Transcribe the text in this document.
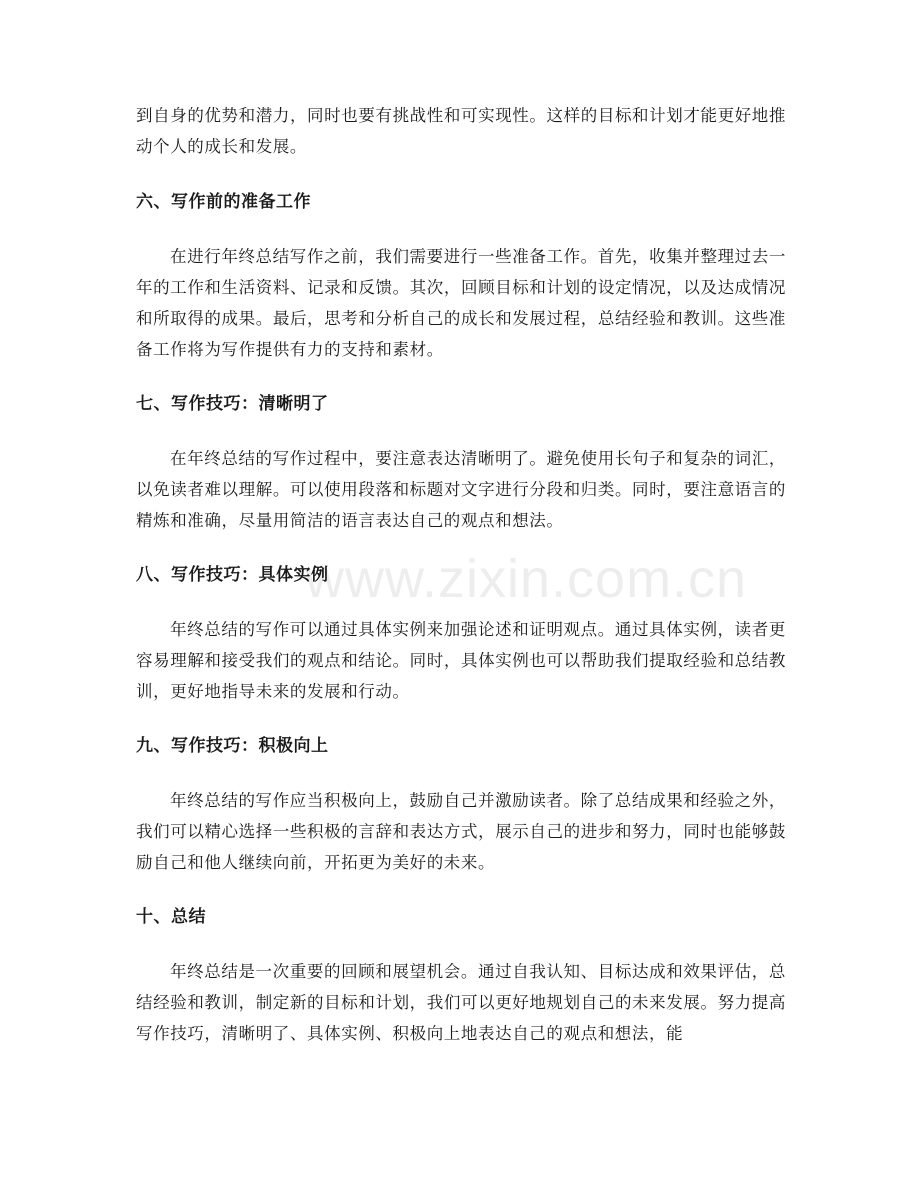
到自身的优势和潜力，同时也要有挑战性和可实现性。这样的目标和计划才能更好地推动个人的成长和发展。

六、写作前的准备工作

在进行年终总结写作之前，我们需要进行一些准备工作。首先，收集并整理过去一年的工作和生活资料、记录和反馈。其次，回顾目标和计划的设定情况，以及达成情况和所取得的成果。最后，思考和分析自己的成长和发展过程，总结经验和教训。这些准备工作将为写作提供有力的支持和素材。

七、写作技巧：清晰明了

在年终总结的写作过程中，要注意表达清晰明了。避免使用长句子和复杂的词汇，以免读者难以理解。可以使用段落和标题对文字进行分段和归类。同时，要注意语言的精炼和准确，尽量用简洁的语言表达自己的观点和想法。

八、写作技巧：具体实例

年终总结的写作可以通过具体实例来加强论述和证明观点。通过具体实例，读者更容易理解和接受我们的观点和结论。同时，具体实例也可以帮助我们提取经验和总结教训，更好地指导未来的发展和行动。

九、写作技巧：积极向上

年终总结的写作应当积极向上，鼓励自己并激励读者。除了总结成果和经验之外，我们可以精心选择一些积极的言辞和表达方式，展示自己的进步和努力，同时也能够鼓励自己和他人继续向前，开拓更为美好的未来。

十、总结

年终总结是一次重要的回顾和展望机会。通过自我认知、目标达成和效果评估，总结经验和教训，制定新的目标和计划，我们可以更好地规划自己的未来发展。努力提高写作技巧，清晰明了、具体实例、积极向上地表达自己的观点和想法，能

www.zixin.com.cn
